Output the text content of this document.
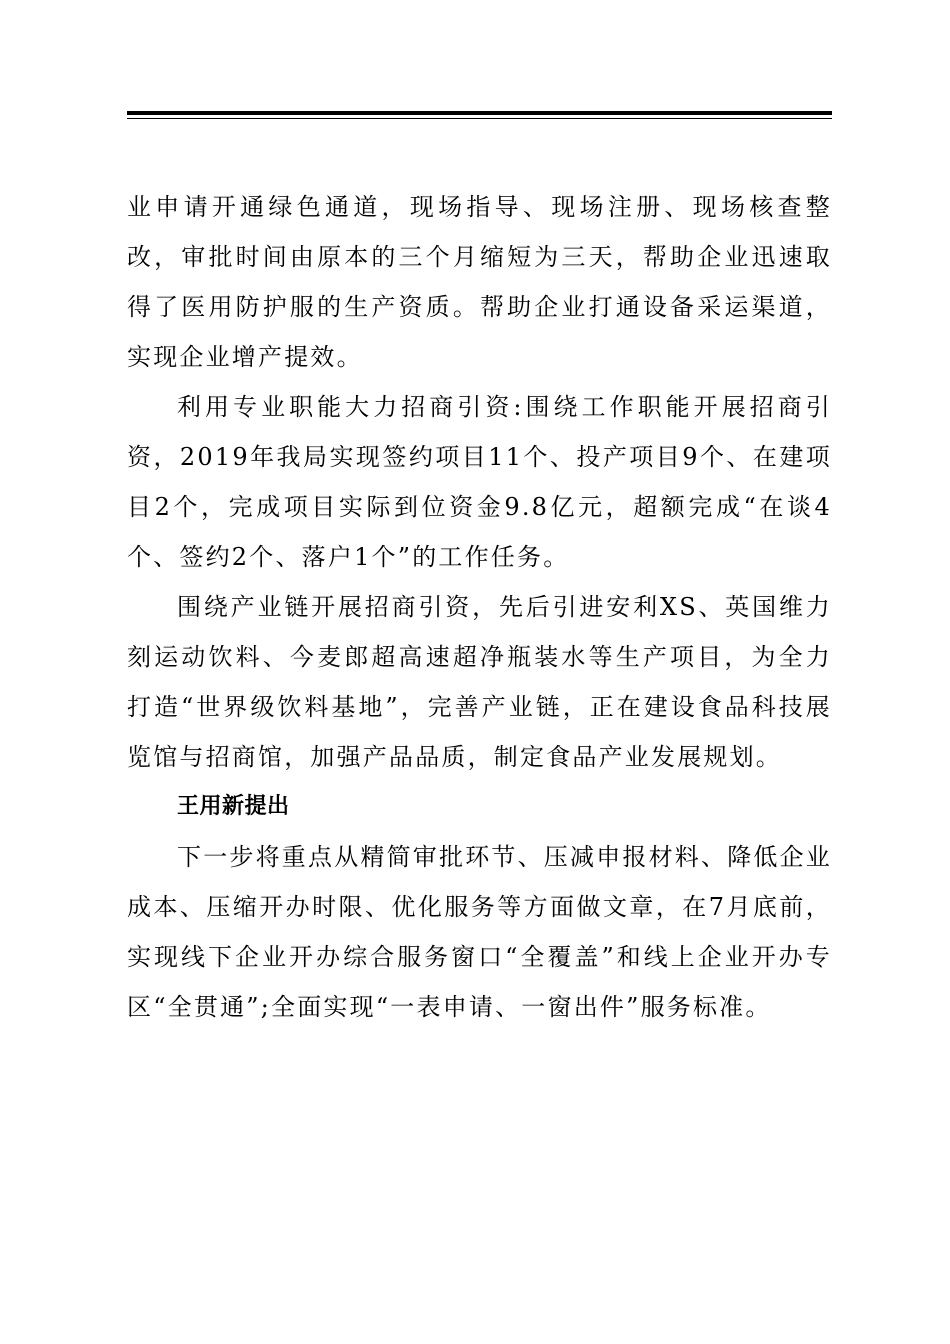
业申请开通绿色通道，现场指导、现场注册、现场核查整改，审批时间由原本的三个月缩短为三天，帮助企业迅速取得了医用防护服的生产资质。帮助企业打通设备采运渠道，实现企业增产提效。

利用专业职能大力招商引资:围绕工作职能开展招商引资，2019年我局实现签约项目11个、投产项目9个、在建项目2个，完成项目实际到位资金9.8亿元，超额完成“在谈4个、签约2个、落户1个”的工作任务。

围绕产业链开展招商引资，先后引进安利XS、英国维力刻运动饮料、今麦郎超高速超净瓶装水等生产项目，为全力打造“世界级饮料基地”，完善产业链，正在建设食品科技展览馆与招商馆，加强产品品质，制定食品产业发展规划。

王用新提出

下一步将重点从精简审批环节、压减申报材料、降低企业成本、压缩开办时限、优化服务等方面做文章，在7月底前，实现线下企业开办综合服务窗口“全覆盖”和线上企业开办专区“全贯通”;全面实现“一表申请、一窗出件”服务标准。
